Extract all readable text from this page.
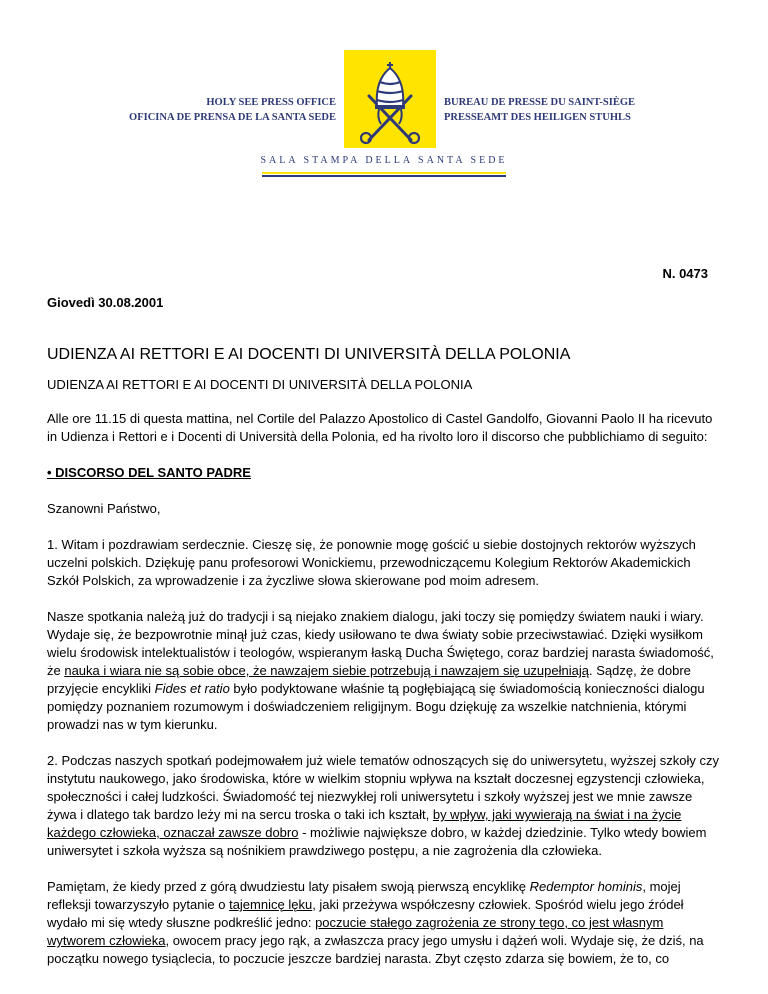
HOLY SEE PRESS OFFICE
OFICINA DE PRENSA DE LA SANTA SEDE
BUREAU DE PRESSE DU SAINT-SIÈGE
PRESSEAMT DES HEILIGEN STUHLS
SALA STAMPA DELLA SANTA SEDE
N. 0473
Giovedì 30.08.2001
UDIENZA AI RETTORI E AI DOCENTI DI UNIVERSITÀ DELLA POLONIA

UDIENZA AI RETTORI E AI DOCENTI DI UNIVERSITÀ DELLA POLONIA

Alle ore 11.15 di questa mattina, nel Cortile del Palazzo Apostolico di Castel Gandolfo, Giovanni Paolo II ha ricevuto in Udienza i Rettori e i Docenti di Università della Polonia, ed ha rivolto loro il discorso che pubblichiamo di seguito:

• DISCORSO DEL SANTO PADRE

Szanowni Państwo,

1. Witam i pozdrawiam serdecznie. Cieszę się, że ponownie mogę gościć u siebie dostojnych rektorów wyższych uczelni polskich. Dziękuję panu profesorowi Wonickiemu, przewodniczącemu Kolegium Rektorów Akademickich Szkół Polskich, za wprowadzenie i za życzliwe słowa skierowane pod moim adresem.

Nasze spotkania należą już do tradycji i są niejako znakiem dialogu, jaki toczy się pomiędzy światem nauki i wiary. Wydaje się, że bezpowrotnie minął już czas, kiedy usiłowano te dwa światy sobie przeciwstawiać. Dzięki wysiłkom wielu środowisk intelektualistów i teologów, wspieranym łaską Ducha Świętego, coraz bardziej narasta świadomość, że nauka i wiara nie są sobie obce, że nawzajem siebie potrzebują i nawzajem się uzupełniają. Sądzę, że dobre przyjęcie encykliki Fides et ratio było podyktowane właśnie tą pogłębiającą się świadomością konieczności dialogu pomiędzy poznaniem rozumowym i doświadczeniem religijnym. Bogu dziękuję za wszelkie natchnienia, którymi prowadzi nas w tym kierunku.

2. Podczas naszych spotkań podejmowałem już wiele tematów odnoszących się do uniwersytetu, wyższej szkoły czy instytutu naukowego, jako środowiska, które w wielkim stopniu wpływa na kształt doczesnej egzystencji człowieka, społeczności i całej ludzkości. Świadomość tej niezwykłej roli uniwersytetu i szkoły wyższej jest we mnie zawsze żywa i dlatego tak bardzo leży mi na sercu troska o taki ich kształt, by wpływ, jaki wywierają na świat i na życie każdego człowieka, oznaczał zawsze dobro - możliwie największe dobro, w każdej dziedzinie. Tylko wtedy bowiem uniwersytet i szkoła wyższa są nośnikiem prawdziwego postępu, a nie zagrożenia dla człowieka.

Pamiętam, że kiedy przed z górą dwudziestu laty pisałem swoją pierwszą encyklikę Redemptor hominis, mojej refleksji towarzyszyło pytanie o tajemnicę lęku, jaki przeżywa współczesny człowiek. Spośród wielu jego źródeł wydało mi się wtedy słuszne podkreślić jedno: poczucie stałego zagrożenia ze strony tego, co jest własnym wytworem człowieka, owocem pracy jego rąk, a zwłaszcza pracy jego umysłu i dążeń woli. Wydaje się, że dziś, na początku nowego tysiąclecia, to poczucie jeszcze bardziej narasta. Zbyt często zdarza się bowiem, że to, co
